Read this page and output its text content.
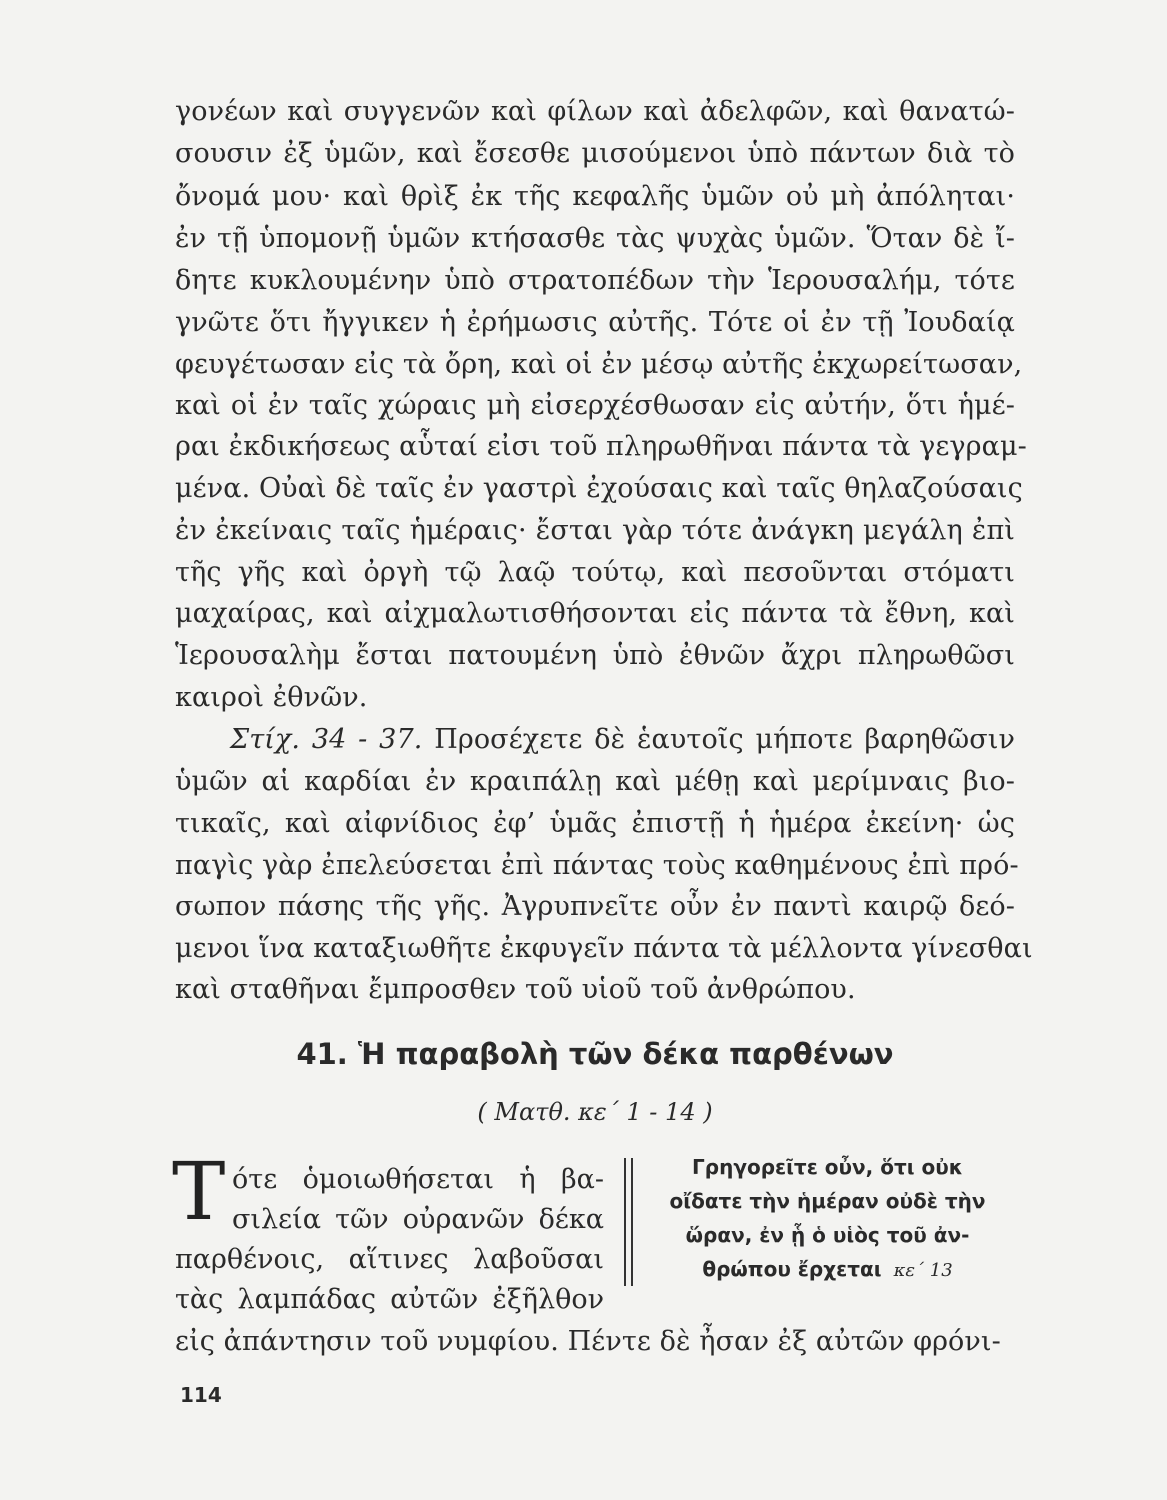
γονέων καὶ συγγενῶν καὶ φίλων καὶ ἀδελφῶν, καὶ θανατώ-
σουσιν ἐξ ὑμῶν, καὶ ἔσεσθε μισούμενοι ὑπὸ πάντων διὰ τὸ
ὄνομά μου· καὶ θρὶξ ἐκ τῆς κεφαλῆς ὑμῶν οὐ μὴ ἀπόληται·
ἐν τῇ ὑπομονῇ ὑμῶν κτήσασθε τὰς ψυχὰς ὑμῶν. Ὅταν δὲ ἴ-
δητε κυκλουμένην ὑπὸ στρατοπέδων τὴν Ἱερουσαλήμ, τότε
γνῶτε ὅτι ἤγγικεν ἡ ἐρήμωσις αὐτῆς. Τότε οἱ ἐν τῇ Ἰουδαίᾳ
φευγέτωσαν εἰς τὰ ὄρη, καὶ οἱ ἐν μέσῳ αὐτῆς ἐκχωρείτωσαν,
καὶ οἱ ἐν ταῖς χώραις μὴ εἰσερχέσθωσαν εἰς αὐτήν, ὅτι ἡμέ-
ραι ἐκδικήσεως αὗταί εἰσι τοῦ πληρωθῆναι πάντα τὰ γεγραμ-
μένα. Οὐαὶ δὲ ταῖς ἐν γαστρὶ ἐχούσαις καὶ ταῖς θηλαζούσαις
ἐν ἐκείναις ταῖς ἡμέραις· ἔσται γὰρ τότε ἀνάγκη μεγάλη ἐπὶ
τῆς γῆς καὶ ὀργὴ τῷ λαῷ τούτῳ, καὶ πεσοῦνται στόματι
μαχαίρας, καὶ αἰχμαλωτισθήσονται εἰς πάντα τὰ ἔθνη, καὶ
Ἱερουσαλὴμ ἔσται πατουμένη ὑπὸ ἐθνῶν ἄχρι πληρωθῶσι
καιροὶ ἐθνῶν.
Στίχ. 34 - 37. Προσέχετε δὲ ἑαυτοῖς μήποτε βαρηθῶσιν
ὑμῶν αἱ καρδίαι ἐν κραιπάλῃ καὶ μέθῃ καὶ μερίμναις βιο-
τικαῖς, καὶ αἰφνίδιος ἐφ’ ὑμᾶς ἐπιστῇ ἡ ἡμέρα ἐκείνη· ὡς
παγὶς γὰρ ἐπελεύσεται ἐπὶ πάντας τοὺς καθημένους ἐπὶ πρό-
σωπον πάσης τῆς γῆς. Ἀγρυπνεῖτε οὖν ἐν παντὶ καιρῷ δεό-
μενοι ἵνα καταξιωθῆτε ἐκφυγεῖν πάντα τὰ μέλλοντα γίνεσθαι
καὶ σταθῆναι ἔμπροσθεν τοῦ υἱοῦ τοῦ ἀνθρώπου.
41. Ἡ παραβολὴ τῶν δέκα παρθένων
( Ματθ. κε΄ 1 - 14 )
Τ ότε ὁμοιωθήσεται ἡ βα-
σιλεία τῶν οὐρανῶν δέκα
παρθένοις, αἵτινες λαβοῦσαι
τὰς λαμπάδας αὐτῶν ἐξῆλθον
Γρηγορεῖτε οὖν, ὅτι οὐκ
οἴδατε τὴν ἡμέραν οὐδὲ τὴν
ὥραν, ἐν ᾗ ὁ υἱὸς τοῦ ἀν-
θρώπου ἔρχεται κε΄ 13
εἰς ἀπάντησιν τοῦ νυμφίου. Πέντε δὲ ἦσαν ἐξ αὐτῶν φρόνι-
114
